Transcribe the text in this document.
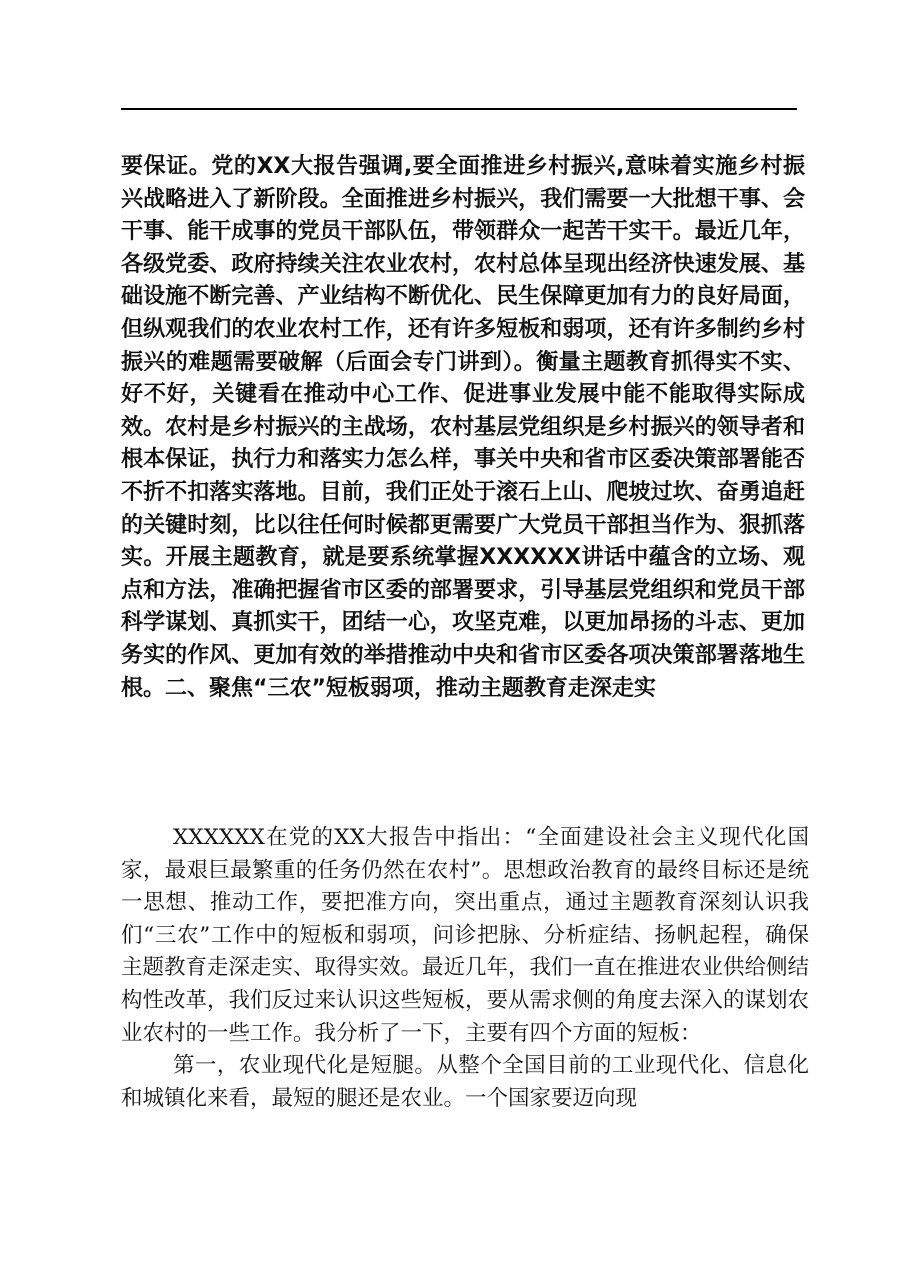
要保证。党的XX大报告强调,要全面推进乡村振兴,意味着实施乡村振兴战略进入了新阶段。全面推进乡村振兴，我们需要一大批想干事、会干事、能干成事的党员干部队伍，带领群众一起苦干实干。最近几年，各级党委、政府持续关注农业农村，农村总体呈现出经济快速发展、基础设施不断完善、产业结构不断优化、民生保障更加有力的良好局面，但纵观我们的农业农村工作，还有许多短板和弱项，还有许多制约乡村振兴的难题需要破解（后面会专门讲到）。衡量主题教育抓得实不实、好不好，关键看在推动中心工作、促进事业发展中能不能取得实际成效。农村是乡村振兴的主战场，农村基层党组织是乡村振兴的领导者和根本保证，执行力和落实力怎么样，事关中央和省市区委决策部署能否不折不扣落实落地。目前，我们正处于滚石上山、爬坡过坎、奋勇追赶的关键时刻，比以往任何时候都更需要广大党员干部担当作为、狠抓落实。开展主题教育，就是要系统掌握XXXXXX讲话中蕴含的立场、观点和方法，准确把握省市区委的部署要求，引导基层党组织和党员干部科学谋划、真抓实干，团结一心，攻坚克难，以更加昂扬的斗志、更加务实的作风、更加有效的举措推动中央和省市区委各项决策部署落地生根。二、聚焦“三农”短板弱项，推动主题教育走深走实

XXXXXX在党的XX大报告中指出：“全面建设社会主义现代化国家，最艰巨最繁重的任务仍然在农村”。思想政治教育的最终目标还是统一思想、推动工作，要把准方向，突出重点，通过主题教育深刻认识我们“三农”工作中的短板和弱项，问诊把脉、分析症结、扬帆起程，确保主题教育走深走实、取得实效。最近几年，我们一直在推进农业供给侧结构性改革，我们反过来认识这些短板，要从需求侧的角度去深入的谋划农业农村的一些工作。我分析了一下，主要有四个方面的短板：

第一，农业现代化是短腿。从整个全国目前的工业现代化、信息化和城镇化来看，最短的腿还是农业。一个国家要迈向现
